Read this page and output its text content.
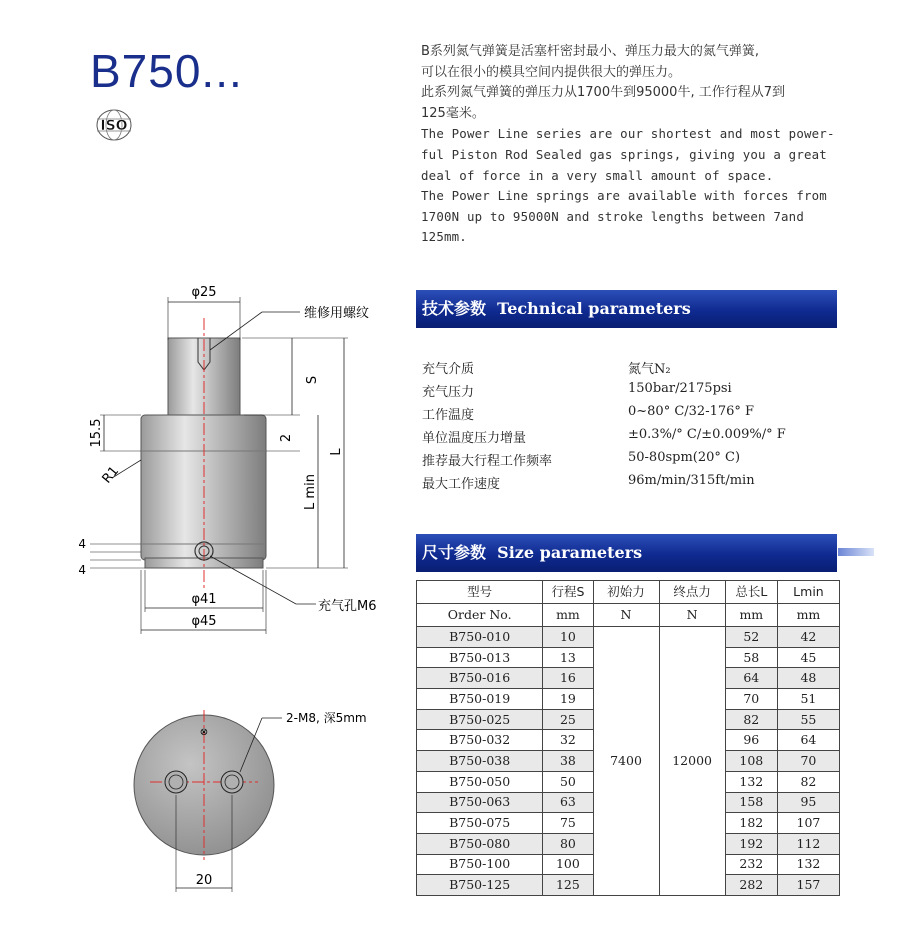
B750...
ISO
B系列氮气弹簧是活塞杆密封最小、弹压力最大的氮气弹簧,
可以在很小的模具空间内提供很大的弹压力。
此系列氮气弹簧的弹压力从1700牛到95000牛, 工作行程从7到
125毫米。
The Power Line series are our shortest and most power-
ful Piston Rod Sealed gas springs, giving you a great
deal of force in a very small amount of space.
The Power Line springs are available with forces from
1700N up to 95000N and stroke lengths between 7and
125mm.
技术参数 Technical parameters
充气介质	氮气N₂
充气压力	150bar/2175psi
工作温度	0~80° C/32-176° F
单位温度压力增量	±0.3%/° C/±0.009%/° F
推荐最大行程工作频率	50-80spm(20° C)
最大工作速度	96m/min/315ft/min
尺寸参数 Size parameters
型号	行程S	初始力	终点力	总长L	Lmin
Order No.	mm	N	N	mm	mm
B750-010	10	7400	12000	52	42
B750-013	13			58	45
B750-016	16			64	48
B750-019	19			70	51
B750-025	25			82	55
B750-032	32			96	64
B750-038	38			108	70
B750-050	50			132	82
B750-063	63			158	95
B750-075	75			182	107
B750-080	80			192	112
B750-100	100			232	132
B750-125	125			282	157
φ25
维修用螺纹
S
L
L min
2
15.5
R1
4
4
φ41
φ45
充气孔M6
⊗
2-M8, 深5mm
20
